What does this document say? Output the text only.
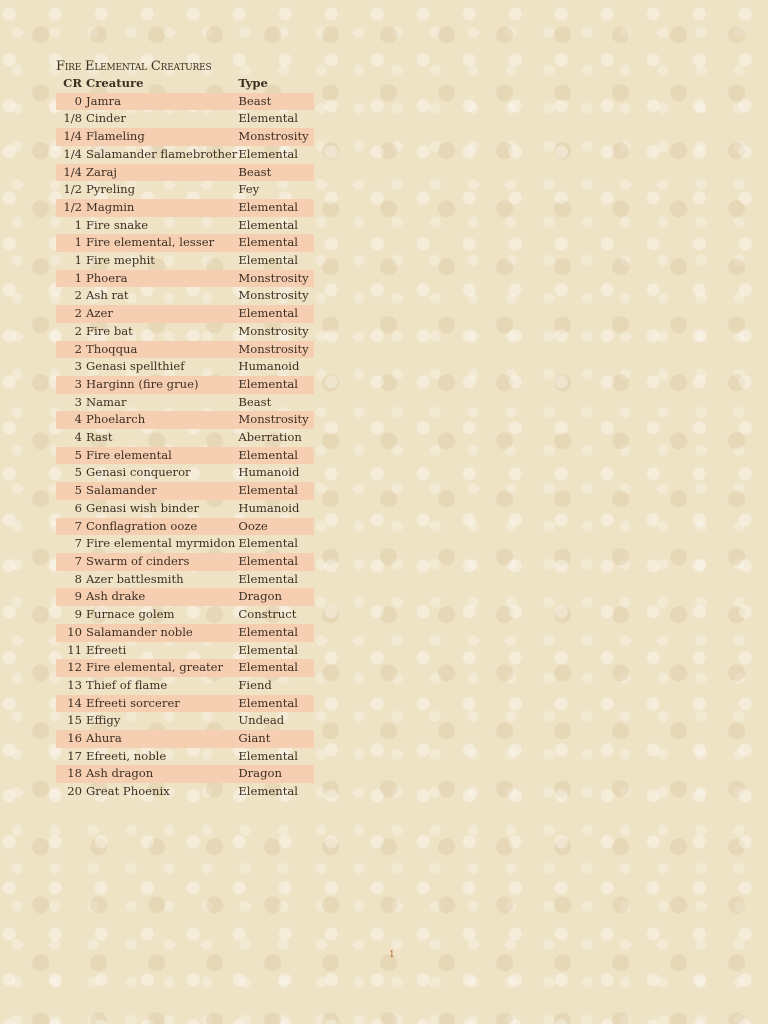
Fire Elemental Creatures
CR	Creature	Type
0	Jamra	Beast
1/8	Cinder	Elemental
1/4	Flameling	Monstrosity
1/4	Salamander flamebrother	Elemental
1/4	Zaraj	Beast
1/2	Pyreling	Fey
1/2	Magmin	Elemental
1	Fire snake	Elemental
1	Fire elemental, lesser	Elemental
1	Fire mephit	Elemental
1	Phoera	Monstrosity
2	Ash rat	Monstrosity
2	Azer	Elemental
2	Fire bat	Monstrosity
2	Thoqqua	Monstrosity
3	Genasi spellthief	Humanoid
3	Harginn (fire grue)	Elemental
3	Namar	Beast
4	Phoelarch	Monstrosity
4	Rast	Aberration
5	Fire elemental	Elemental
5	Genasi conqueror	Humanoid
5	Salamander	Elemental
6	Genasi wish binder	Humanoid
7	Conflagration ooze	Ooze
7	Fire elemental myrmidon	Elemental
7	Swarm of cinders	Elemental
8	Azer battlesmith	Elemental
9	Ash drake	Dragon
9	Furnace golem	Construct
10	Salamander noble	Elemental
11	Efreeti	Elemental
12	Fire elemental, greater	Elemental
13	Thief of flame	Fiend
14	Efreeti sorcerer	Elemental
15	Effigy	Undead
16	Ahura	Giant
17	Efreeti, noble	Elemental
18	Ash dragon	Dragon
20	Great Phoenix	Elemental
1
